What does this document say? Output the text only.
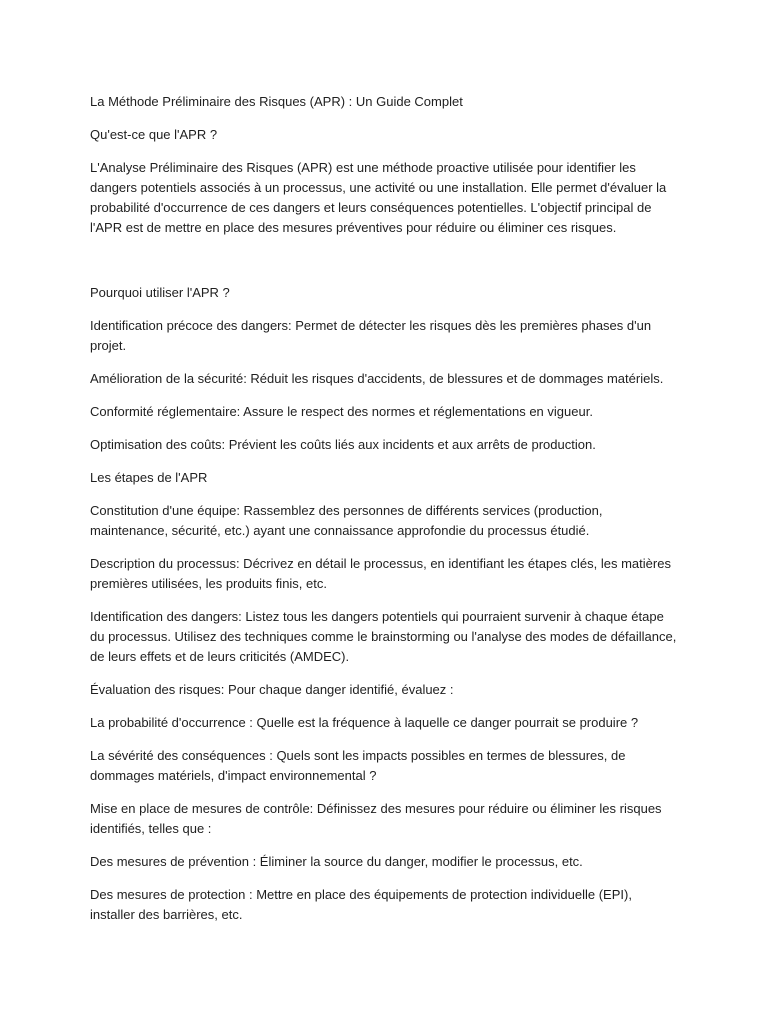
La Méthode Préliminaire des Risques (APR) : Un Guide Complet

Qu'est-ce que l'APR ?

L'Analyse Préliminaire des Risques (APR) est une méthode proactive utilisée pour identifier les dangers potentiels associés à un processus, une activité ou une installation. Elle permet d'évaluer la probabilité d'occurrence de ces dangers et leurs conséquences potentielles. L'objectif principal de l'APR est de mettre en place des mesures préventives pour réduire ou éliminer ces risques.

Pourquoi utiliser l'APR ?

Identification précoce des dangers: Permet de détecter les risques dès les premières phases d'un projet.

Amélioration de la sécurité: Réduit les risques d'accidents, de blessures et de dommages matériels.

Conformité réglementaire: Assure le respect des normes et réglementations en vigueur.

Optimisation des coûts: Prévient les coûts liés aux incidents et aux arrêts de production.

Les étapes de l'APR

Constitution d'une équipe: Rassemblez des personnes de différents services (production, maintenance, sécurité, etc.) ayant une connaissance approfondie du processus étudié.

Description du processus: Décrivez en détail le processus, en identifiant les étapes clés, les matières premières utilisées, les produits finis, etc.

Identification des dangers: Listez tous les dangers potentiels qui pourraient survenir à chaque étape du processus. Utilisez des techniques comme le brainstorming ou l'analyse des modes de défaillance, de leurs effets et de leurs criticités (AMDEC).

Évaluation des risques: Pour chaque danger identifié, évaluez :

La probabilité d'occurrence : Quelle est la fréquence à laquelle ce danger pourrait se produire ?

La sévérité des conséquences : Quels sont les impacts possibles en termes de blessures, de dommages matériels, d'impact environnemental ?

Mise en place de mesures de contrôle: Définissez des mesures pour réduire ou éliminer les risques identifiés, telles que :

Des mesures de prévention : Éliminer la source du danger, modifier le processus, etc.

Des mesures de protection : Mettre en place des équipements de protection individuelle (EPI), installer des barrières, etc.
